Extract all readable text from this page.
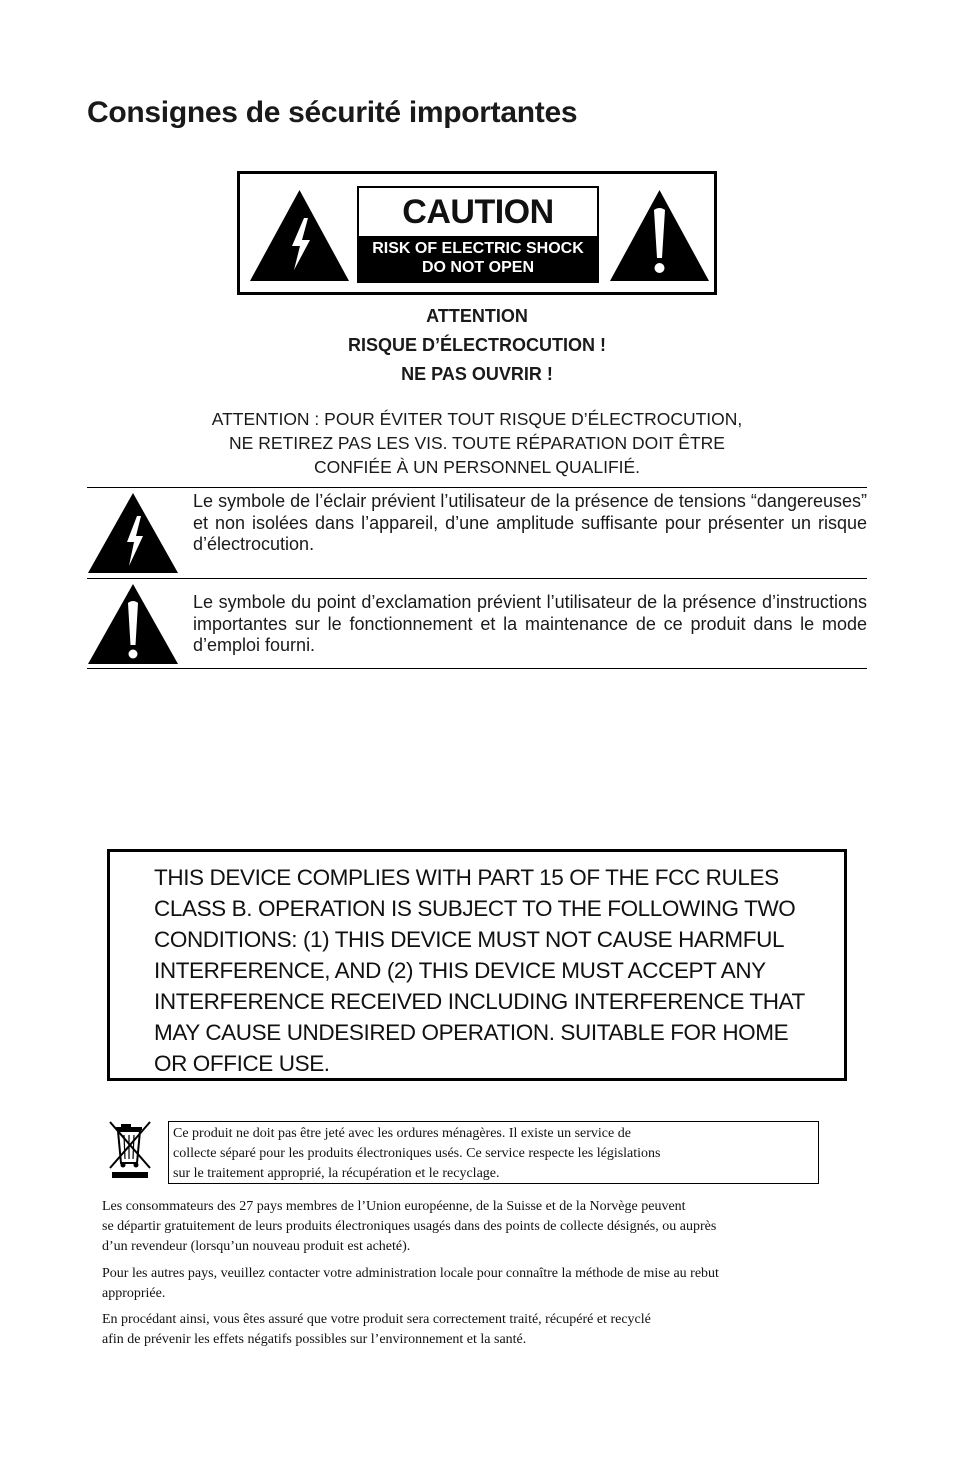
Consignes de sécurité importantes
CAUTION
RISK OF ELECTRIC SHOCK
DO NOT OPEN
ATTENTION
RISQUE D’ÉLECTROCUTION !
NE PAS OUVRIR !
ATTENTION : POUR ÉVITER TOUT RISQUE D’ÉLECTROCUTION,
NE RETIREZ PAS LES VIS. TOUTE RÉPARATION DOIT ÊTRE
CONFIÉE À UN PERSONNEL QUALIFIÉ.
Le symbole de l’éclair prévient l’utilisateur de la présence de tensions “dangereuses” et non isolées dans l’appareil, d’une amplitude suffisante pour présenter un risque d’électrocution.
Le symbole du point d’exclamation prévient l’utilisateur de la présence d’instructions importantes sur le fonctionnement et la maintenance de ce produit dans le mode d’emploi fourni.
THIS DEVICE COMPLIES WITH PART 15 OF THE FCC RULES
CLASS B. OPERATION IS SUBJECT TO THE FOLLOWING TWO
CONDITIONS: (1) THIS DEVICE MUST NOT CAUSE HARMFUL
INTERFERENCE, AND (2) THIS DEVICE MUST ACCEPT ANY
INTERFERENCE RECEIVED INCLUDING INTERFERENCE THAT
MAY CAUSE UNDESIRED OPERATION. SUITABLE FOR HOME
OR OFFICE USE.
Ce produit ne doit pas être jeté avec les ordures ménagères. Il existe un service de
collecte séparé pour les produits électroniques usés. Ce service respecte les législations
sur le traitement approprié, la récupération et le recyclage.
Les consommateurs des 27 pays membres de l’Union européenne, de la Suisse et de la Norvège peuvent
se départir gratuitement de leurs produits électroniques usagés dans des points de collecte désignés, ou auprès
d’un revendeur (lorsqu’un nouveau produit est acheté).
Pour les autres pays, veuillez contacter votre administration locale pour connaître la méthode de mise au rebut
appropriée.
En procédant ainsi, vous êtes assuré que votre produit sera correctement traité, récupéré et recyclé
afin de prévenir les effets négatifs possibles sur l’environnement et la santé.
